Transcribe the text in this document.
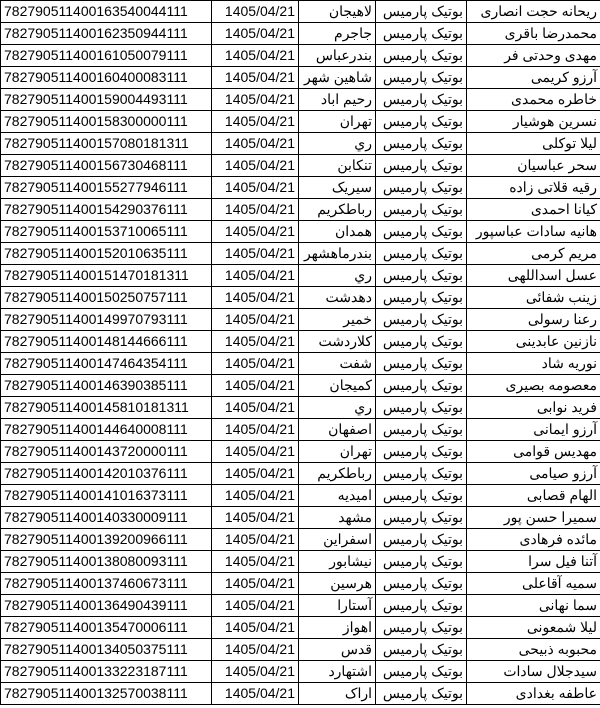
782790511400163540044111	1405/04/21	لاهیجان	بوتیک پارمیس	ریحانه حجت انصاری
782790511400162350944111	1405/04/21	جاجرم	بوتیک پارمیس	محمدرضا باقری
782790511400161050079111	1405/04/21	بندرعباس	بوتیک پارمیس	مهدی وحدتی فر
782790511400160400083111	1405/04/21	شاهین شهر	بوتیک پارمیس	آرزو کریمی
782790511400159004493111	1405/04/21	رحیم اباد	بوتیک پارمیس	خاطره محمدی
782790511400158300000111	1405/04/21	تهران	بوتیک پارمیس	نسرین هوشیار
782790511400157080181311	1405/04/21	ري	بوتیک پارمیس	لیلا توکلی
782790511400156730468111	1405/04/21	تنکابن	بوتیک پارمیس	سحر عباسیان
782790511400155277946111	1405/04/21	سیریک	بوتیک پارمیس	رقیه قلاتی زاده
782790511400154290376111	1405/04/21	رباطکریم	بوتیک پارمیس	کیانا احمدی
782790511400153710065111	1405/04/21	همدان	بوتیک پارمیس	هانیه سادات عباسپور
782790511400152010635111	1405/04/21	بندرماهشهر	بوتیک پارمیس	مریم کرمی
782790511400151470181311	1405/04/21	ري	بوتیک پارمیس	عسل اسداللهی
782790511400150250757111	1405/04/21	دهدشت	بوتیک پارمیس	زینب شفائی
782790511400149970793111	1405/04/21	خمیر	بوتیک پارمیس	رعنا رسولی
782790511400148144666111	1405/04/21	کلاردشت	بوتیک پارمیس	نازنین عابدینی
782790511400147464354111	1405/04/21	شفت	بوتیک پارمیس	نوریه شاد
782790511400146390385111	1405/04/21	کمیجان	بوتیک پارمیس	معصومه بصیری
782790511400145810181311	1405/04/21	ري	بوتیک پارمیس	فرید نوابی
782790511400144640008111	1405/04/21	اصفهان	بوتیک پارمیس	آرزو ایمانی
782790511400143720000111	1405/04/21	تهران	بوتیک پارمیس	مهدیس قوامی
782790511400142010376111	1405/04/21	رباطکریم	بوتیک پارمیس	آرزو صیامی
782790511400141016373111	1405/04/21	امیدیه	بوتیک پارمیس	الهام قصابی
782790511400140330009111	1405/04/21	مشهد	بوتیک پارمیس	سمیرا حسن پور
782790511400139200966111	1405/04/21	اسفراین	بوتیک پارمیس	مائده فرهادی
782790511400138080093111	1405/04/21	نیشابور	بوتیک پارمیس	آتنا فیل سرا
782790511400137460673111	1405/04/21	هرسین	بوتیک پارمیس	سمیه آقاعلی
782790511400136490439111	1405/04/21	آستارا	بوتیک پارمیس	سما نهانی
782790511400135470006111	1405/04/21	اهواز	بوتیک پارمیس	لیلا شمعونی
782790511400134050375111	1405/04/21	قدس	بوتیک پارمیس	محبوبه ذبیحی
782790511400133223187111	1405/04/21	اشتهارد	بوتیک پارمیس	سیدجلال سادات
782790511400132570038111	1405/04/21	اراک	بوتیک پارمیس	عاطفه بغدادی
